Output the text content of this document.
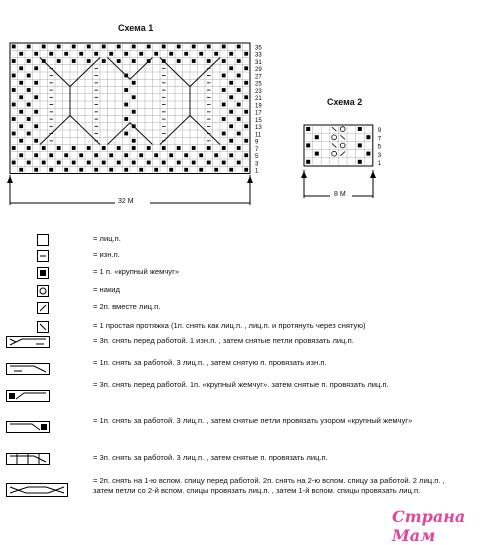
Схема 1
35
33
31
29
27
25
23
21
19
17
15
13
11
9
7
5
3
1
32 М
Схема 2
9
7
5
3
1
8 М
= лиц.п.
= изн.п.
= 1 п. «крупный жемчуг»
= накид
= 2п. вместе лиц.п.
= 1 простая протяжка (1п. снять как лиц.п. , лиц.п. и протянуть через снятую)
= 3п. снять перед работой. 1 изн.п. , затем снятые петли провязать лиц.п.
= 1п. снять за работой. 3 лиц.п. , затем снятую п. провязать изн.п.
= 3п. снять перед работой. 1п. «крупный жемчуг». затем снятые п. провязать лиц.п.
= 1п. снять за работой. 3 лиц.п. , затем снятые петли провязать узором «крупный жемчуг»
= 3п. снять за работой. 3 лиц.п. , затем снятые п. провязать лиц.п.
= 2п. снять на 1-ю вспом. спицу перед работой. 2п. снять на 2-ю вспом. спицу за работой. 2 лиц.п. , затем петли со 2-й вспом. спицы провязать лиц.п. , затем 1-й вспом. спицы провязать лиц.п.
Страна Мам
